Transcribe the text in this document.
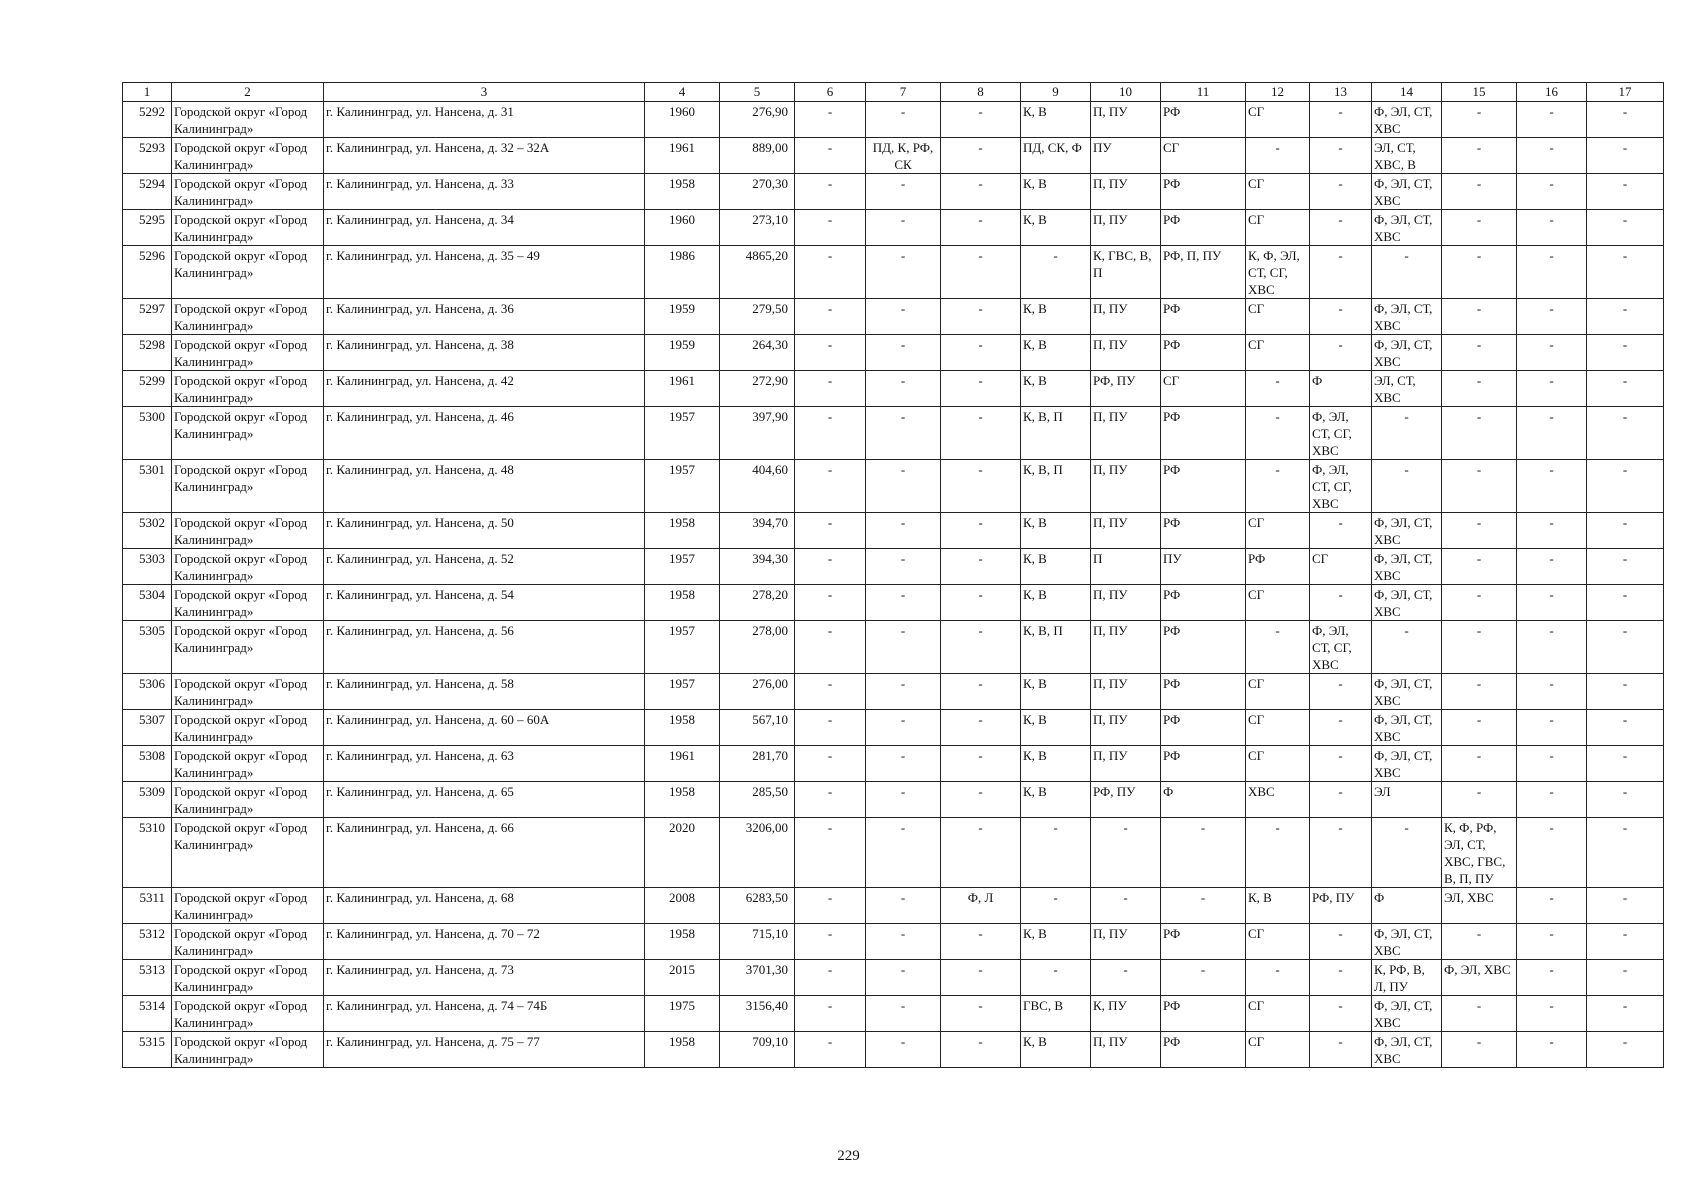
1	2	3	4	5	6	7	8	9	10	11	12	13	14	15	16	17
5292	Городской округ «Город Калининград»	г. Калининград, ул. Нансена, д. 31	1960	276,90	-	-	-	К, В	П, ПУ	РФ	СГ	-	Ф, ЭЛ, СТ, ХВС	-	-	-
5293	Городской округ «Город Калининград»	г. Калининград, ул. Нансена, д. 32 – 32А	1961	889,00	-	ПД, К, РФ, СК	-	ПД, СК, Ф	ПУ	СГ	-	-	ЭЛ, СТ, ХВС, В	-	-	-
5294	Городской округ «Город Калининград»	г. Калининград, ул. Нансена, д. 33	1958	270,30	-	-	-	К, В	П, ПУ	РФ	СГ	-	Ф, ЭЛ, СТ, ХВС	-	-	-
5295	Городской округ «Город Калининград»	г. Калининград, ул. Нансена, д. 34	1960	273,10	-	-	-	К, В	П, ПУ	РФ	СГ	-	Ф, ЭЛ, СТ, ХВС	-	-	-
5296	Городской округ «Город Калининград»	г. Калининград, ул. Нансена, д. 35 – 49	1986	4865,20	-	-	-	-	К, ГВС, В, П	РФ, П, ПУ	К, Ф, ЭЛ, СТ, СГ, ХВС	-	-	-	-	-
5297	Городской округ «Город Калининград»	г. Калининград, ул. Нансена, д. 36	1959	279,50	-	-	-	К, В	П, ПУ	РФ	СГ	-	Ф, ЭЛ, СТ, ХВС	-	-	-
5298	Городской округ «Город Калининград»	г. Калининград, ул. Нансена, д. 38	1959	264,30	-	-	-	К, В	П, ПУ	РФ	СГ	-	Ф, ЭЛ, СТ, ХВС	-	-	-
5299	Городской округ «Город Калининград»	г. Калининград, ул. Нансена, д. 42	1961	272,90	-	-	-	К, В	РФ, ПУ	СГ	-	Ф	ЭЛ, СТ, ХВС	-	-	-
5300	Городской округ «Город Калининград»	г. Калининград, ул. Нансена, д. 46	1957	397,90	-	-	-	К, В, П	П, ПУ	РФ	-	Ф, ЭЛ, СТ, СГ, ХВС	-	-	-	-
5301	Городской округ «Город Калининград»	г. Калининград, ул. Нансена, д. 48	1957	404,60	-	-	-	К, В, П	П, ПУ	РФ	-	Ф, ЭЛ, СТ, СГ, ХВС	-	-	-	-
5302	Городской округ «Город Калининград»	г. Калининград, ул. Нансена, д. 50	1958	394,70	-	-	-	К, В	П, ПУ	РФ	СГ	-	Ф, ЭЛ, СТ, ХВС	-	-	-
5303	Городской округ «Город Калининград»	г. Калининград, ул. Нансена, д. 52	1957	394,30	-	-	-	К, В	П	ПУ	РФ	СГ	Ф, ЭЛ, СТ, ХВС	-	-	-
5304	Городской округ «Город Калининград»	г. Калининград, ул. Нансена, д. 54	1958	278,20	-	-	-	К, В	П, ПУ	РФ	СГ	-	Ф, ЭЛ, СТ, ХВС	-	-	-
5305	Городской округ «Город Калининград»	г. Калининград, ул. Нансена, д. 56	1957	278,00	-	-	-	К, В, П	П, ПУ	РФ	-	Ф, ЭЛ, СТ, СГ, ХВС	-	-	-	-
5306	Городской округ «Город Калининград»	г. Калининград, ул. Нансена, д. 58	1957	276,00	-	-	-	К, В	П, ПУ	РФ	СГ	-	Ф, ЭЛ, СТ, ХВС	-	-	-
5307	Городской округ «Город Калининград»	г. Калининград, ул. Нансена, д. 60 – 60А	1958	567,10	-	-	-	К, В	П, ПУ	РФ	СГ	-	Ф, ЭЛ, СТ, ХВС	-	-	-
5308	Городской округ «Город Калининград»	г. Калининград, ул. Нансена, д. 63	1961	281,70	-	-	-	К, В	П, ПУ	РФ	СГ	-	Ф, ЭЛ, СТ, ХВС	-	-	-
5309	Городской округ «Город Калининград»	г. Калининград, ул. Нансена, д. 65	1958	285,50	-	-	-	К, В	РФ, ПУ	Ф	ХВС	-	ЭЛ	-	-	-
5310	Городской округ «Город Калининград»	г. Калининград, ул. Нансена, д. 66	2020	3206,00	-	-	-	-	-	-	-	-	-	К, Ф, РФ, ЭЛ, СТ, ХВС, ГВС, В, П, ПУ	-	-
5311	Городской округ «Город Калининград»	г. Калининград, ул. Нансена, д. 68	2008	6283,50	-	-	Ф, Л	-	-	-	К, В	РФ, ПУ	Ф	ЭЛ, ХВС	-	-
5312	Городской округ «Город Калининград»	г. Калининград, ул. Нансена, д. 70 – 72	1958	715,10	-	-	-	К, В	П, ПУ	РФ	СГ	-	Ф, ЭЛ, СТ, ХВС	-	-	-
5313	Городской округ «Город Калининград»	г. Калининград, ул. Нансена, д. 73	2015	3701,30	-	-	-	-	-	-	-	-	К, РФ, В, Л, ПУ	Ф, ЭЛ, ХВС	-	-
5314	Городской округ «Город Калининград»	г. Калининград, ул. Нансена, д. 74 – 74Б	1975	3156,40	-	-	-	ГВС, В	К, ПУ	РФ	СГ	-	Ф, ЭЛ, СТ, ХВС	-	-	-
5315	Городской округ «Город Калининград»	г. Калининград, ул. Нансена, д. 75 – 77	1958	709,10	-	-	-	К, В	П, ПУ	РФ	СГ	-	Ф, ЭЛ, СТ, ХВС	-	-	-
229
